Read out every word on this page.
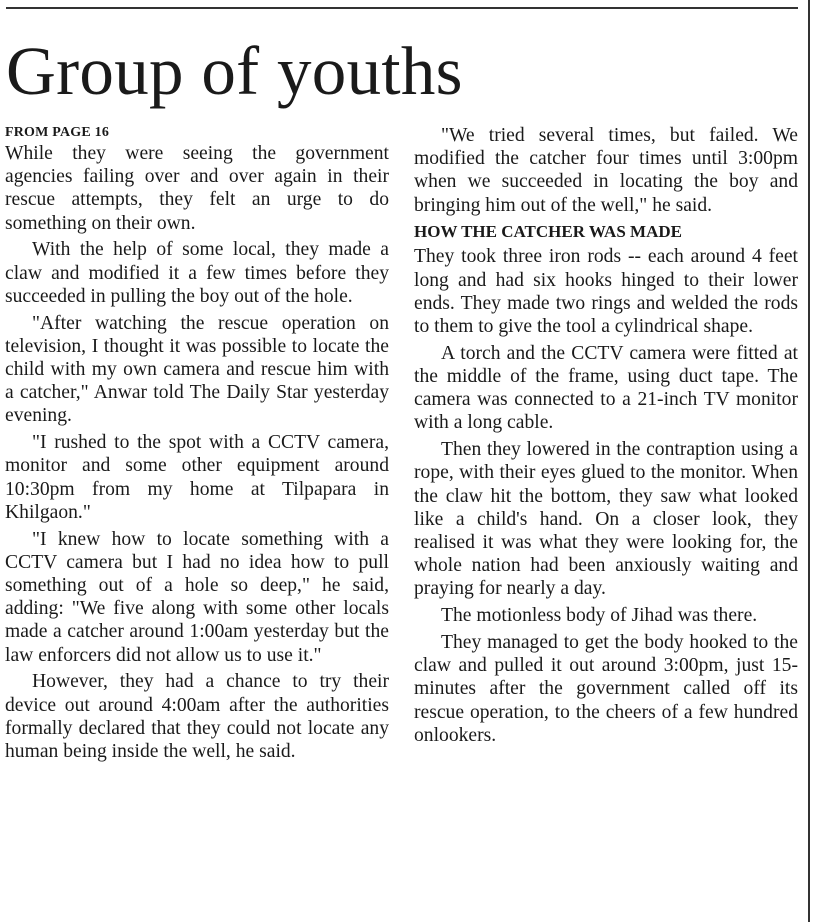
Group of youths
FROM PAGE 16

While they were seeing the government agencies failing over and over again in their rescue attempts, they felt an urge to do something on their own.

With the help of some local, they made a claw and modified it a few times before they succeeded in pulling the boy out of the hole.

"After watching the rescue operation on television, I thought it was possible to locate the child with my own camera and rescue him with a catcher," Anwar told The Daily Star yesterday evening.

"I rushed to the spot with a CCTV camera, monitor and some other equipment around 10:30pm from my home at Tilpapara in Khilgaon."

"I knew how to locate something with a CCTV camera but I had no idea how to pull something out of a hole so deep," he said, adding: "We five along with some other locals made a catcher around 1:00am yesterday but the law enforcers did not allow us to use it."

However, they had a chance to try their device out around 4:00am after the authorities formally declared that they could not locate any human being inside the well, he said.

"We tried several times, but failed. We modified the catcher four times until 3:00pm when we succeeded in locating the boy and bringing him out of the well," he said.

HOW THE CATCHER WAS MADE

They took three iron rods -- each around 4 feet long and had six hooks hinged to their lower ends. They made two rings and welded the rods to them to give the tool a cylindrical shape.

A torch and the CCTV camera were fitted at the middle of the frame, using duct tape. The camera was connected to a 21-inch TV monitor with a long cable.

Then they lowered in the contraption using a rope, with their eyes glued to the monitor. When the claw hit the bottom, they saw what looked like a child's hand. On a closer look, they realised it was what they were looking for, the whole nation had been anxiously waiting and praying for nearly a day.

The motionless body of Jihad was there.

They managed to get the body hooked to the claw and pulled it out around 3:00pm, just 15-minutes after the government called off its rescue operation, to the cheers of a few hundred onlookers.
